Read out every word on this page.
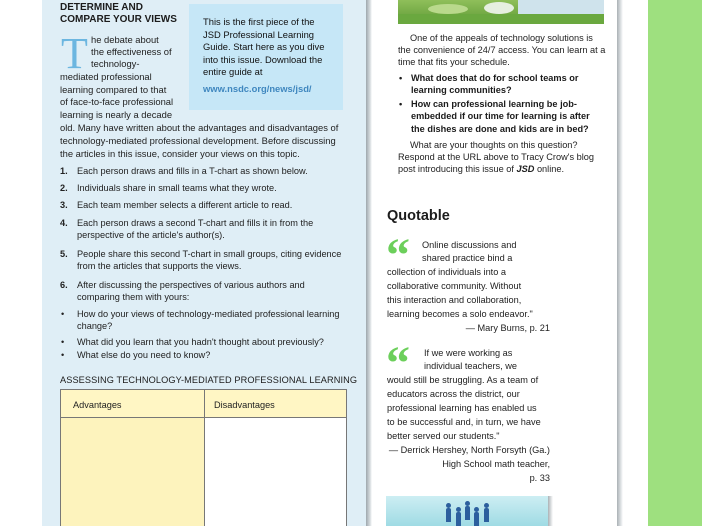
DETERMINE AND
COMPARE YOUR VIEWS	This is the first piece of the
JSD Professional Learning
Guide. Start here as you dive
into this issue. Download the
entire guide at
www.nsdc.org/news/jsd/
T he debate about
the effectiveness of
technology-
mediated professional
learning compared to that
of face-to-face professional
learning is nearly a decade
old. Many have written about the advantages and disadvantages of
technology-mediated professional development. Before discussing
the articles in this issue, consider your views on this topic.
1.	Each person draws and fills in a T-chart as shown below.
2.	Individuals share in small teams what they wrote.
3.	Each team member selects a different article to read.
4.	Each person draws a second T-chart and fills it in from the
perspective of the article's author(s).
5.	People share this second T-chart in small groups, citing evidence
from the articles that supports the views.
6.	After discussing the perspectives of various authors and
comparing them with yours:
•	How do your views of technology-mediated professional learning
change?
•	What did you learn that you hadn't thought about previously?
•	What else do you need to know?
ASSESSING TECHNOLOGY-MEDIATED PROFESSIONAL LEARNING
Advantages	Disadvantages
One of the appeals of technology solutions is
the convenience of 24/7 access. You can learn at a
time that fits your schedule.
• What does that do for school teams or
learning communities?
• How can professional learning be job-
embedded if our time for learning is after
the dishes are done and kids are in bed?
What are your thoughts on this question?
Respond at the URL above to Tracy Crow's blog
post introducing this issue of JSD online.
Quotable
“ Online discussions and
shared practice bind a
collection of individuals into a
collaborative community. Without
this interaction and collaboration,
learning becomes a solo endeavor."
— Mary Burns, p. 21
“ If we were working as
individual teachers, we
would still be struggling. As a team of
educators across the district, our
professional learning has enabled us
to be successful and, in turn, we have
better served our students."
— Derrick Hershey, North Forsyth (Ga.)
High School math teacher,
p. 33
